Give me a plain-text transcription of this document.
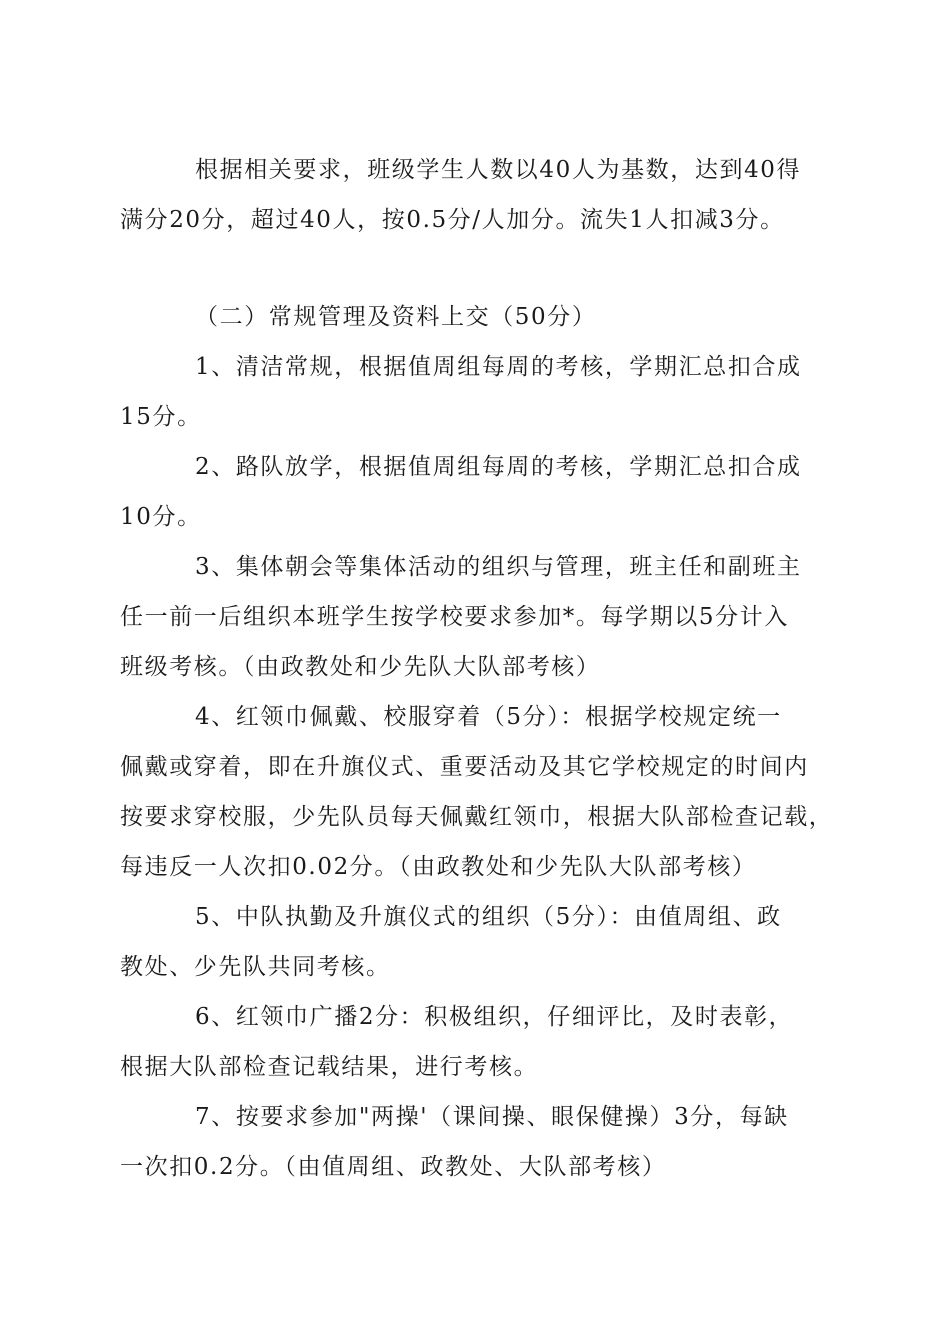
根据相关要求，班级学生人数以40人为基数，达到40得
满分20分，超过40人，按0.5分/人加分。流失1人扣减3分。
（二）常规管理及资料上交（50分）
1、清洁常规，根据值周组每周的考核，学期汇总扣合成
15分。
2、路队放学，根据值周组每周的考核，学期汇总扣合成
10分。
3、集体朝会等集体活动的组织与管理，班主任和副班主
任一前一后组织本班学生按学校要求参加*。每学期以5分计入
班级考核。（由政教处和少先队大队部考核）
4、红领巾佩戴、校服穿着（5分）：根据学校规定统一
佩戴或穿着，即在升旗仪式、重要活动及其它学校规定的时间内
按要求穿校服，少先队员每天佩戴红领巾，根据大队部检查记载，
每违反一人次扣0.02分。（由政教处和少先队大队部考核）
5、中队执勤及升旗仪式的组织（5分）：由值周组、政
教处、少先队共同考核。
6、红领巾广播2分：积极组织，仔细评比，及时表彰，
根据大队部检查记载结果，进行考核。
7、按要求参加"两操'（课间操、眼保健操）3分，每缺
一次扣0.2分。（由值周组、政教处、大队部考核）
